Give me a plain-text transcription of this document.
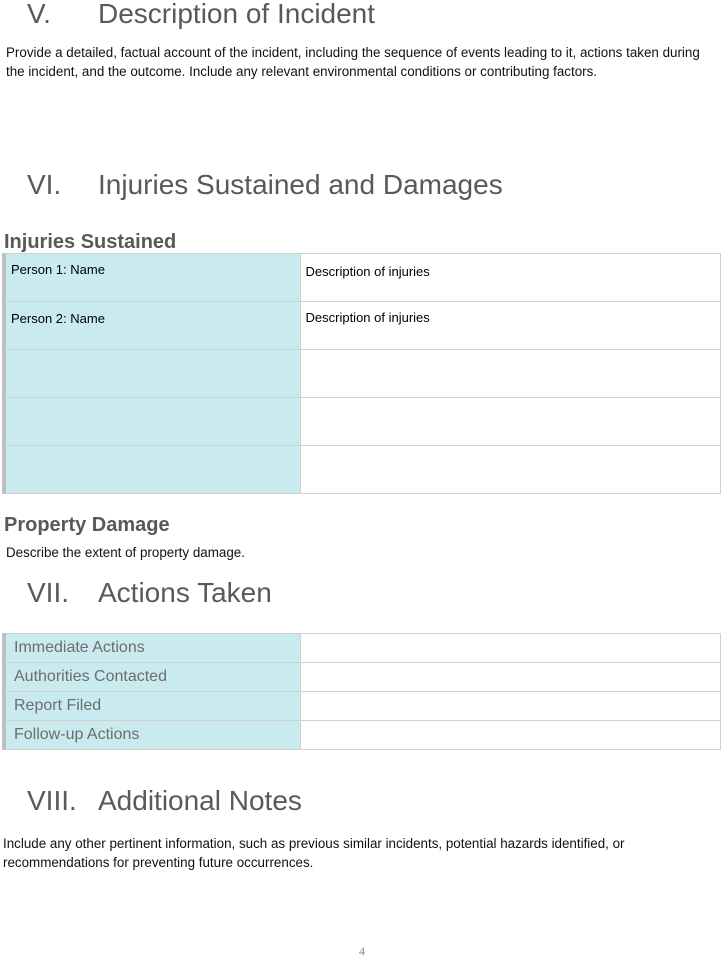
V. Description of Incident

Provide a detailed, factual account of the incident, including the sequence of events leading to it, actions taken during the incident, and the outcome. Include any relevant environmental conditions or contributing factors.

VI. Injuries Sustained and Damages
Injuries Sustained
Person 1: Name	Description of injuries

Person 2: Name	Description of injuries

Property Damage

Describe the extent of property damage.

VII. Actions Taken
Immediate Actions	
Authorities Contacted	
Report Filed	
Follow-up Actions	
VIII. Additional Notes

Include any other pertinent information, such as previous similar incidents, potential hazards identified, or recommendations for preventing future occurrences.

4
